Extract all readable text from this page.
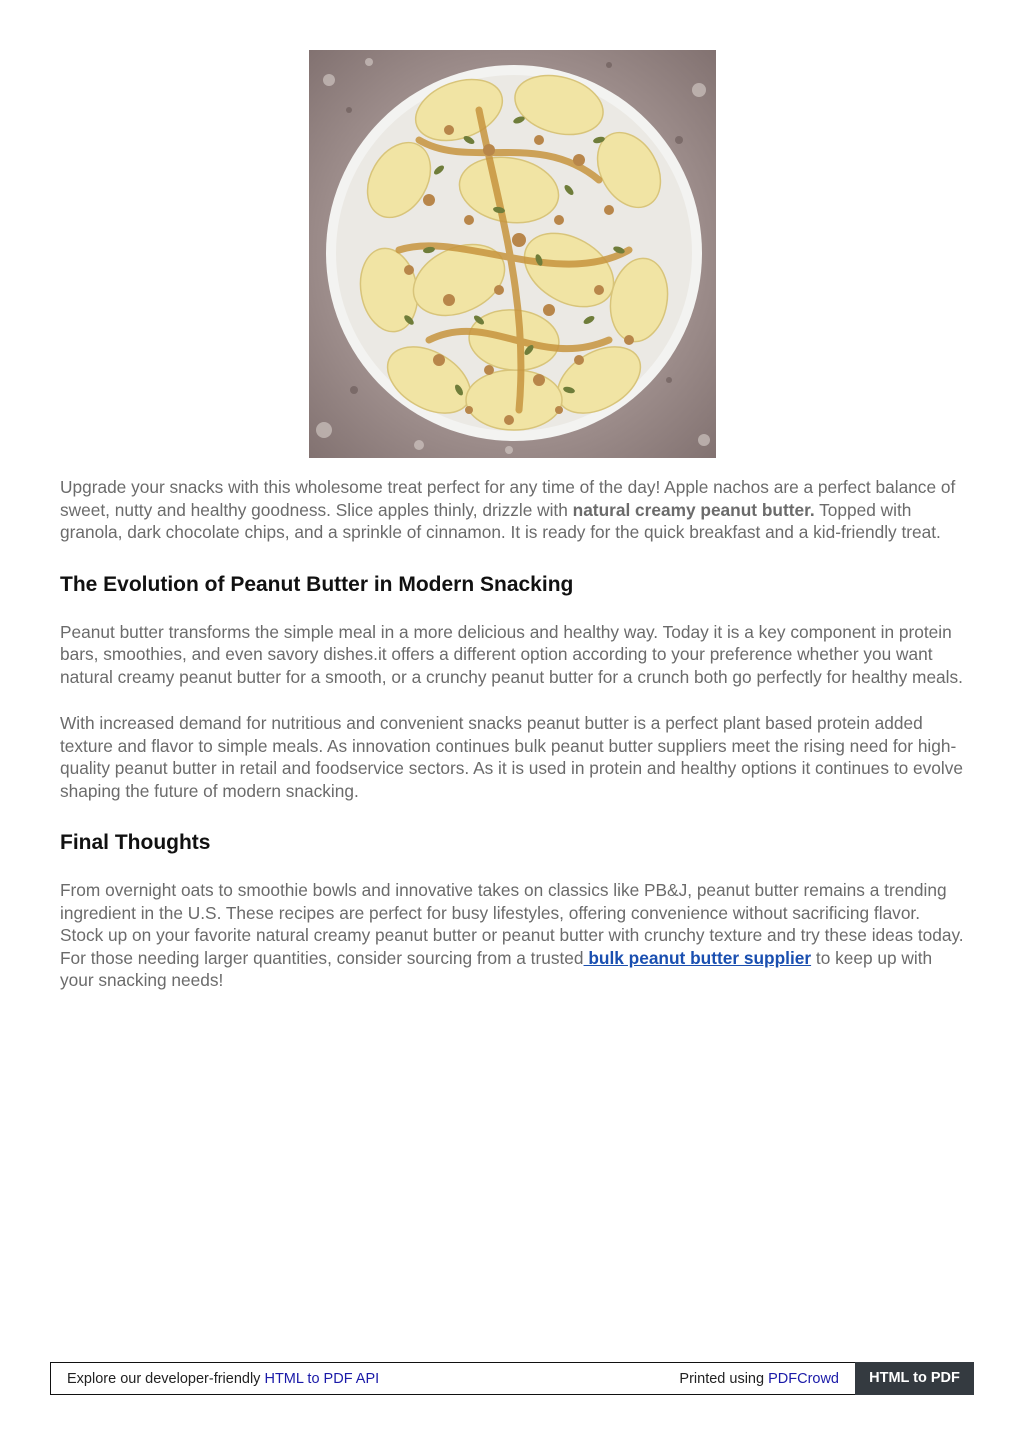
Upgrade your snacks with this wholesome treat perfect for any time of the day! Apple nachos are a perfect balance of sweet, nutty and healthy goodness. Slice apples thinly, drizzle with natural creamy peanut butter. Topped with granola, dark chocolate chips, and a sprinkle of cinnamon. It is ready for the quick breakfast and a kid-friendly treat.

The Evolution of Peanut Butter in Modern Snacking

Peanut butter transforms the simple meal in a more delicious and healthy way. Today it is a key component in protein bars, smoothies, and even savory dishes.it offers a different option according to your preference whether you want natural creamy peanut butter for a smooth, or a crunchy peanut butter for a crunch both go perfectly for healthy meals.

With increased demand for nutritious and convenient snacks peanut butter is a perfect plant based protein added texture and flavor to simple meals. As innovation continues bulk peanut butter suppliers meet the rising need for high-quality peanut butter in retail and foodservice sectors. As it is used in protein and healthy options it continues to evolve shaping the future of modern snacking.

Final Thoughts

From overnight oats to smoothie bowls and innovative takes on classics like PB&J, peanut butter remains a trending ingredient in the U.S. These recipes are perfect for busy lifestyles, offering convenience without sacrificing flavor. Stock up on your favorite natural creamy peanut butter or peanut butter with crunchy texture and try these ideas today. For those needing larger quantities, consider sourcing from a trusted bulk peanut butter supplier to keep up with your snacking needs!

Explore our developer-friendly HTML to PDF API	Printed using PDFCrowd	HTML to PDF
